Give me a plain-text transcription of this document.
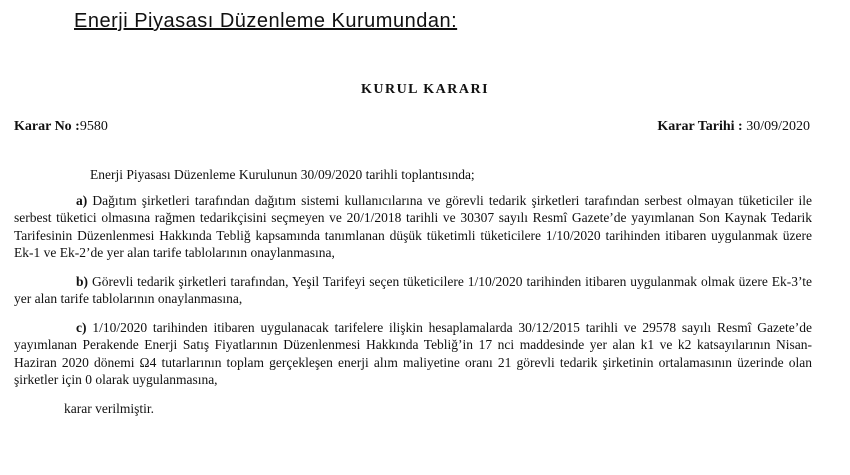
Enerji Piyasası Düzenleme Kurumundan:
KURUL KARARI
Karar No :9580	Karar Tarihi : 30/09/2020

Enerji Piyasası Düzenleme Kurulunun 30/09/2020 tarihli toplantısında;

a) Dağıtım şirketleri tarafından dağıtım sistemi kullanıcılarına ve görevli tedarik şirketleri tarafından serbest olmayan tüketiciler ile serbest tüketici olmasına rağmen tedarikçisini seçmeyen ve 20/1/2018 tarihli ve 30307 sayılı Resmî Gazete’de yayımlanan Son Kaynak Tedarik Tarifesinin Düzenlenmesi Hakkında Tebliğ kapsamında tanımlanan düşük tüketimli tüketicilere 1/10/2020 tarihinden itibaren uygulanmak üzere Ek-1 ve Ek-2’de yer alan tarife tablolarının onaylanmasına,

b) Görevli tedarik şirketleri tarafından, Yeşil Tarifeyi seçen tüketicilere 1/10/2020 tarihinden itibaren uygulanmak olmak üzere Ek-3’te yer alan tarife tablolarının onaylanmasına,

c) 1/10/2020 tarihinden itibaren uygulanacak tarifelere ilişkin hesaplamalarda 30/12/2015 tarihli ve 29578 sayılı Resmî Gazete’de yayımlanan Perakende Enerji Satış Fiyatlarının Düzenlenmesi Hakkında Tebliğ’in 17 nci maddesinde yer alan k1 ve k2 katsayılarının Nisan-Haziran 2020 dönemi Ω4 tutarlarının toplam gerçekleşen enerji alım maliyetine oranı 21 görevli tedarik şirketinin ortalamasının üzerinde olan şirketler için 0 olarak uygulanmasına,

karar verilmiştir.
